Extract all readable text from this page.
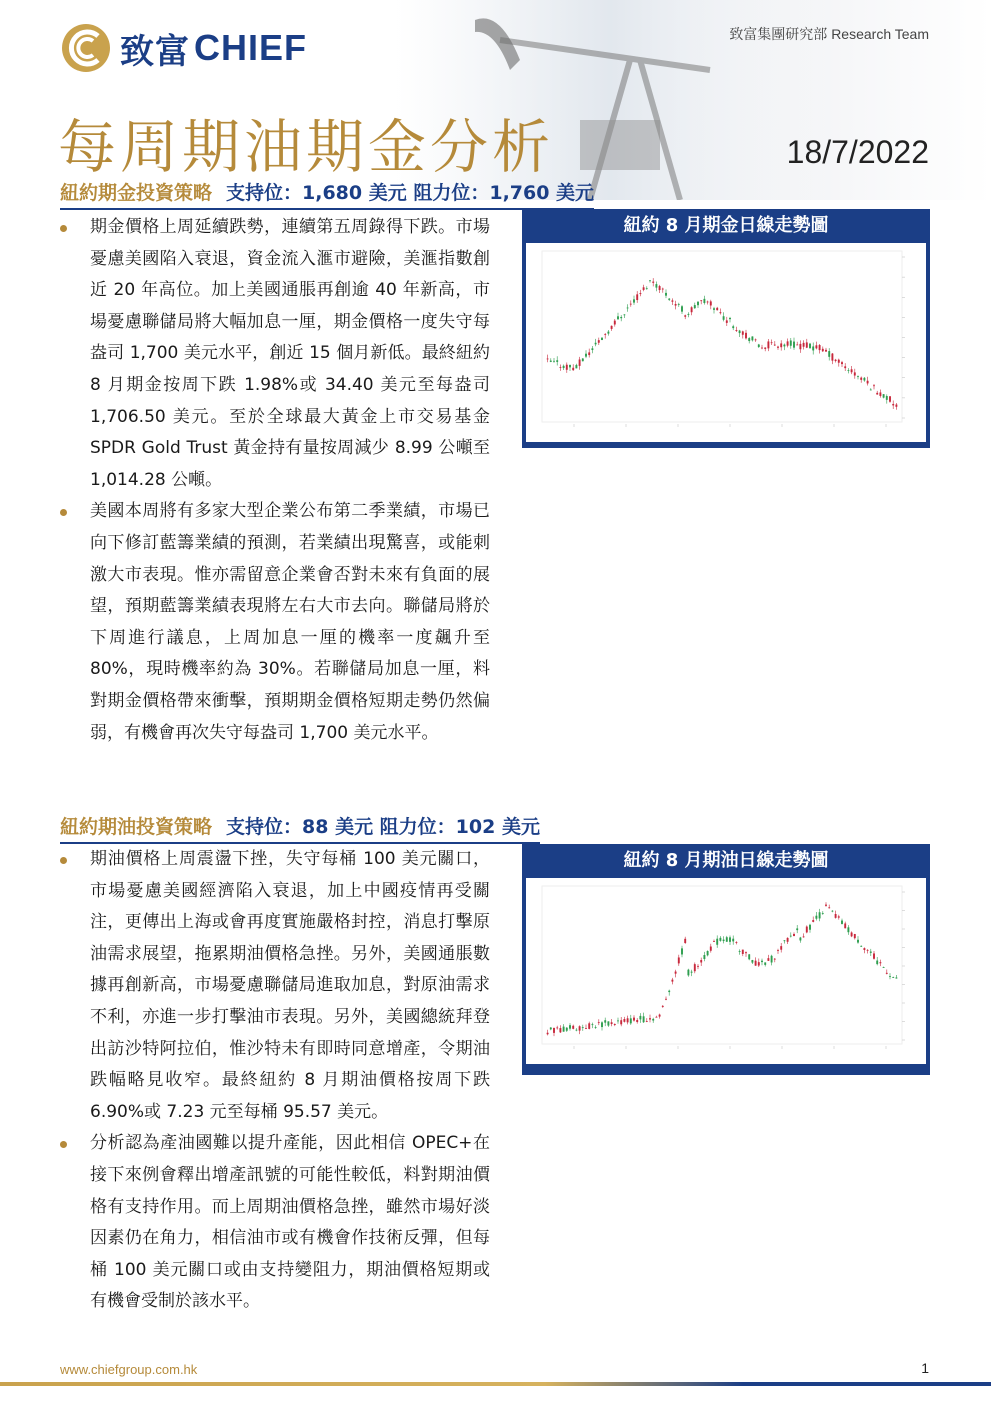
致富 CHIEF	致富集團研究部 Research Team
每周期油期金分析	18/7/2022
紐約期金投資策略 支持位：1,680 美元 阻力位：1,760 美元

期金價格上周延續跌勢，連續第五周錄得下跌。市場憂慮美國陷入衰退，資金流入滙市避險，美滙指數創近 20 年高位。加上美國通脹再創逾 40 年新高，市場憂慮聯儲局將大幅加息一厘，期金價格一度失守每盎司 1,700 美元水平，創近 15 個月新低。最終紐約 8 月期金按周下跌 1.98%或 34.40 美元至每盎司 1,706.50 美元。至於全球最大黃金上市交易基金 SPDR Gold Trust 黃金持有量按周減少 8.99 公噸至 1,014.28 公噸。

美國本周將有多家大型企業公布第二季業績，市場已向下修訂藍籌業績的預測，若業績出現驚喜，或能刺激大市表現。惟亦需留意企業會否對未來有負面的展望，預期藍籌業績表現將左右大市去向。聯儲局將於下周進行議息，上周加息一厘的機率一度飆升至 80%，現時機率約為 30%。若聯儲局加息一厘，料對期金價格帶來衝擊，預期期金價格短期走勢仍然偏弱，有機會再次失守每盎司 1,700 美元水平。

紐約 8 月期金日線走勢圖
紐約期油投資策略 支持位：88 美元 阻力位：102 美元

期油價格上周震盪下挫，失守每桶 100 美元關口，市場憂慮美國經濟陷入衰退，加上中國疫情再受關注，更傳出上海或會再度實施嚴格封控，消息打擊原油需求展望，拖累期油價格急挫。另外，美國通脹數據再創新高，市場憂慮聯儲局進取加息，對原油需求不利，亦進一步打擊油市表現。另外，美國總統拜登出訪沙特阿拉伯，惟沙特未有即時同意增產，令期油跌幅略見收窄。最終紐約 8 月期油價格按周下跌 6.90%或 7.23 元至每桶 95.57 美元。

分析認為產油國難以提升產能，因此相信 OPEC+在接下來例會釋出增產訊號的可能性較低，料對期油價格有支持作用。而上周期油價格急挫，雖然市場好淡因素仍在角力，相信油市或有機會作技術反彈，但每桶 100 美元關口或由支持變阻力，期油價格短期或有機會受制於該水平。

紐約 8 月期油日線走勢圖
www.chiefgroup.com.hk	1
